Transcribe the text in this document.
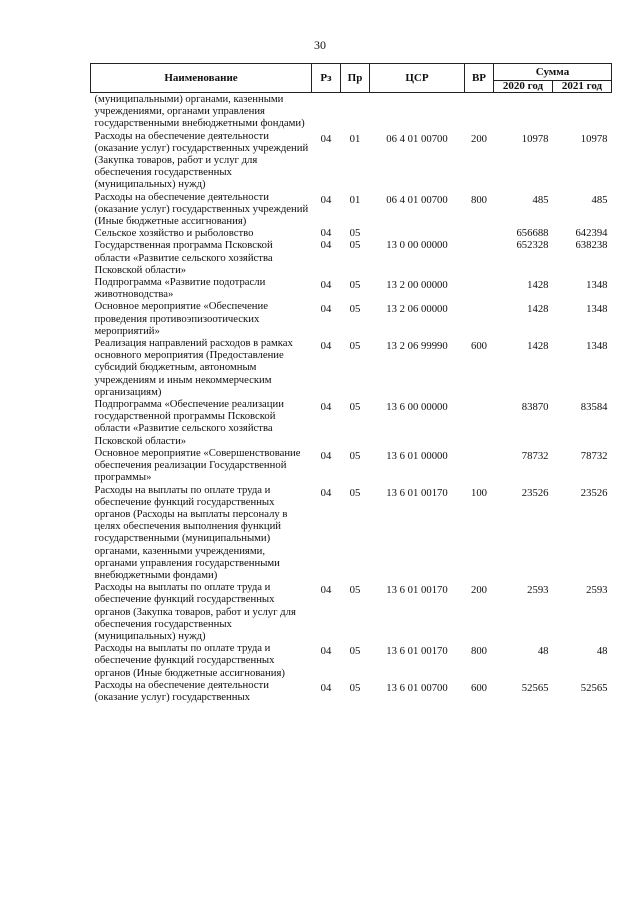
30
Наименование	Рз	Пр	ЦСР	ВР	Сумма	
					2020 год	2021 год
(муниципальными) органами, казенными учреждениями, органами управления государственными внебюджетными фондами)						
Расходы на обеспечение деятельности (оказание услуг) государственных учреждений (Закупка товаров, работ и услуг для обеспечения государственных (муниципальных) нужд)	04	01	06 4 01 00700	200	10978	10978
Расходы на обеспечение деятельности (оказание услуг) государственных учреждений (Иные бюджетные ассигнования)	04	01	06 4 01 00700	800	485	485
Сельское хозяйство и рыболовство	04	05			656688	642394
Государственная программа Псковской области «Развитие сельского хозяйства Псковской области»	04	05	13 0 00 00000		652328	638238
Подпрограмма «Развитие подотрасли животноводства»	04	05	13 2 00 00000		1428	1348
Основное мероприятие «Обеспечение проведения противоэпизоотических мероприятий»	04	05	13 2 06 00000		1428	1348
Реализация направлений расходов в рамках основного мероприятия (Предоставление субсидий бюджетным, автономным учреждениям и иным некоммерческим организациям)	04	05	13 2 06 99990	600	1428	1348
Подпрограмма «Обеспечение реализации государственной программы Псковской области «Развитие сельского хозяйства Псковской области»	04	05	13 6 00 00000		83870	83584
Основное мероприятие «Совершенствование обеспечения реализации Государственной программы»	04	05	13 6 01 00000		78732	78732
Расходы на выплаты по оплате труда и обеспечение функций государственных органов (Расходы на выплаты персоналу в целях обеспечения выполнения функций государственными (муниципальными) органами, казенными учреждениями, органами управления государственными внебюджетными фондами)	04	05	13 6 01 00170	100	23526	23526
Расходы на выплаты по оплате труда и обеспечение функций государственных органов (Закупка товаров, работ и услуг для обеспечения государственных (муниципальных) нужд)	04	05	13 6 01 00170	200	2593	2593
Расходы на выплаты по оплате труда и обеспечение функций государственных органов (Иные бюджетные ассигнования)	04	05	13 6 01 00170	800	48	48
Расходы на обеспечение деятельности (оказание услуг) государственных	04	05	13 6 01 00700	600	52565	52565
